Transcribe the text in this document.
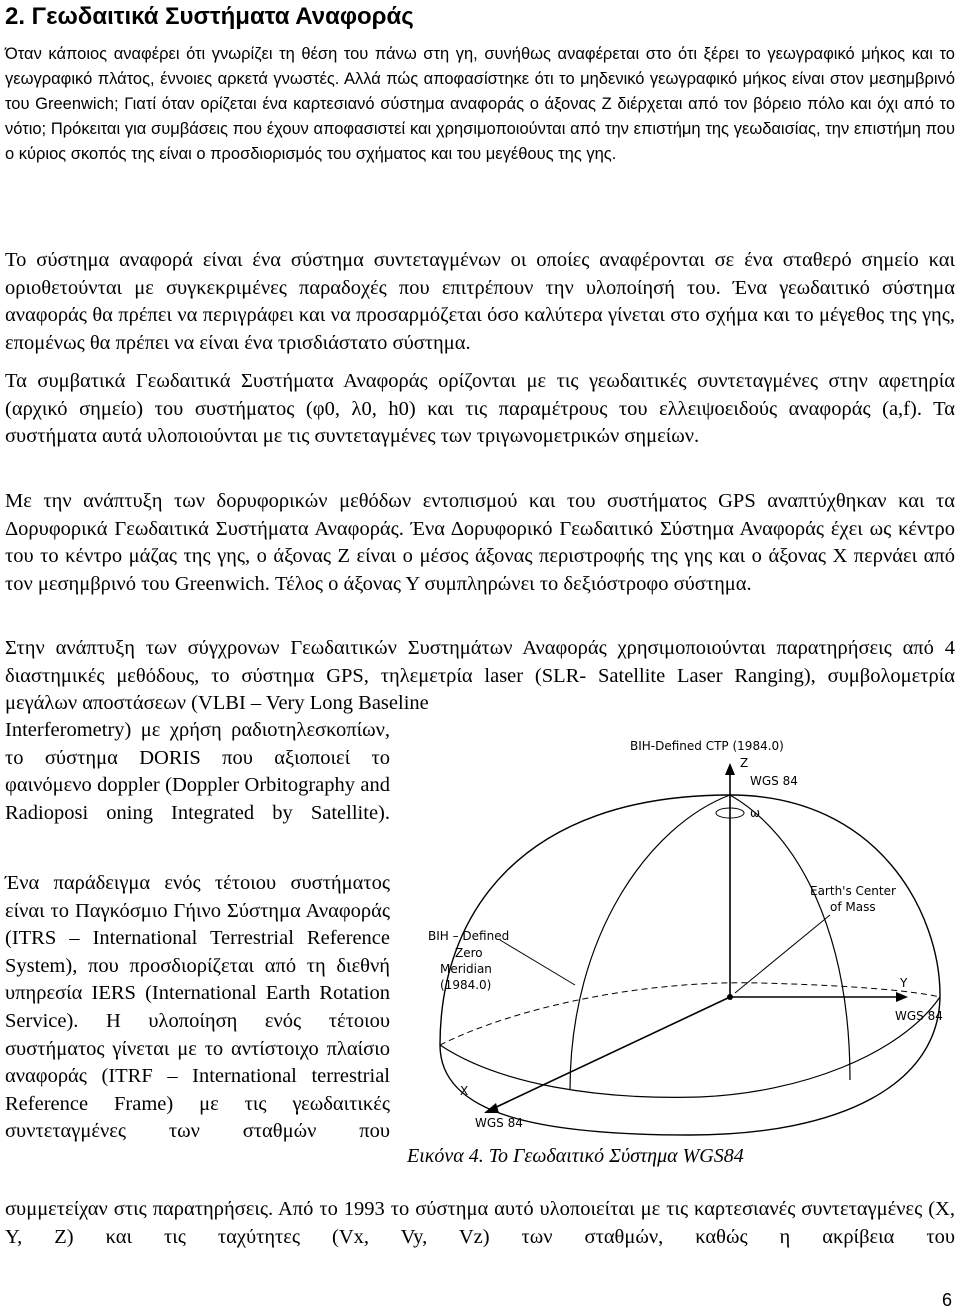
2. Γεωδαιτικά Συστήματα Αναφοράς

Όταν κάποιος αναφέρει ότι γνωρίζει τη θέση του πάνω στη γη, συνήθως αναφέρεται στο ότι ξέρει το γεωγραφικό μήκος και το γεωγραφικό πλάτος, έννοιες αρκετά γνωστές. Αλλά πώς αποφασίστηκε ότι το μηδενικό γεωγραφικό μήκος είναι στον μεσημβρινό του Greenwich; Γιατί όταν ορίζεται ένα καρτεσιανό σύστημα αναφοράς ο άξονας Ζ διέρχεται από τον βόρειο πόλο και όχι από το νότιο; Πρόκειται για συμβάσεις που έχουν αποφασιστεί και χρησιμοποιούνται από την επιστήμη της γεωδαισίας, την επιστήμη που ο κύριος σκοπός της είναι ο προσδιορισμός του σχήματος και του μεγέθους της γης.

Το σύστημα αναφορά είναι ένα σύστημα συντεταγμένων οι οποίες αναφέρονται σε ένα σταθερό σημείο και οριοθετούνται με συγκεκριμένες παραδοχές που επιτρέπουν την υλοποίησή του. Ένα γεωδαιτικό σύστημα αναφοράς θα πρέπει να περιγράφει και να προσαρμόζεται όσο καλύτερα γίνεται στο σχήμα και το μέγεθος της γης, επομένως θα πρέπει να είναι ένα τρισδιάστατο σύστημα.

Τα συμβατικά Γεωδαιτικά Συστήματα Αναφοράς ορίζονται με τις γεωδαιτικές συντεταγμένες στην αφετηρία (αρχικό σημείο) του συστήματος (φ0, λ0, h0) και τις παραμέτρους του ελλειψοειδούς αναφοράς (a,f). Τα συστήματα αυτά υλοποιούνται με τις συντεταγμένες των τριγωνομετρικών σημείων.

Με την ανάπτυξη των δορυφορικών μεθόδων εντοπισμού και του συστήματος GPS αναπτύχθηκαν και τα Δορυφορικά Γεωδαιτικά Συστήματα Αναφοράς. Ένα Δορυφορικό Γεωδαιτικό Σύστημα Αναφοράς έχει ως κέντρο του το κέντρο μάζας της γης, ο άξονας Ζ είναι ο μέσος άξονας περιστροφής της γης και ο άξονας Χ περνάει από τον μεσημβρινό του Greenwich. Τέλος ο άξονας Υ συμπληρώνει το δεξιόστροφο σύστημα.

Στην ανάπτυξη των σύγχρονων Γεωδαιτικών Συστημάτων Αναφοράς χρησιμοποιούνται παρατηρήσεις από 4 διαστημικές μεθόδους, το σύστημα GPS, τηλεμετρία laser (SLR- Satellite Laser Ranging), συμβολομετρία μεγάλων αποστάσεων (VLBI – Very Long Baseline

Interferometry) με χρήση ραδιοτηλεσκοπίων, το σύστημα DORIS που αξιοποιεί το φαινόμενο doppler (Doppler Orbitography and Radioposi oning Integrated by Satellite).

Ένα παράδειγμα ενός τέτοιου συστήματος είναι το Παγκόσμιο Γήινο Σύστημα Αναφοράς (ITRS – International Terrestrial Reference System), που προσδιορίζεται από τη διεθνή υπηρεσία IERS (International Earth Rotation Service). Η υλοποίηση ενός τέτοιου συστήματος γίνεται με το αντίστοιχο πλαίσιο αναφοράς (ITRF – International terrestrial Reference Frame) με τις γεωδαιτικές συντεταγμένες των σταθμών που

συμμετείχαν στις παρατηρήσεις. Από το 1993 το σύστημα αυτό υλοποιείται με τις καρτεσιανές συντεταγμένες (X, Y, Z) και τις ταχύτητες (Vx, Vy, Vz) των σταθμών, καθώς η ακρίβεια του

BIH-Defined CTP (1984.0)
Z
WGS 84
ω
Earth's Center
of Mass
BIH – Defined
Zero
Meridian
(1984.0)
X
WGS 84
Y
WGS 84

Εικόνα 4. Το Γεωδαιτικό Σύστημα WGS84

6
